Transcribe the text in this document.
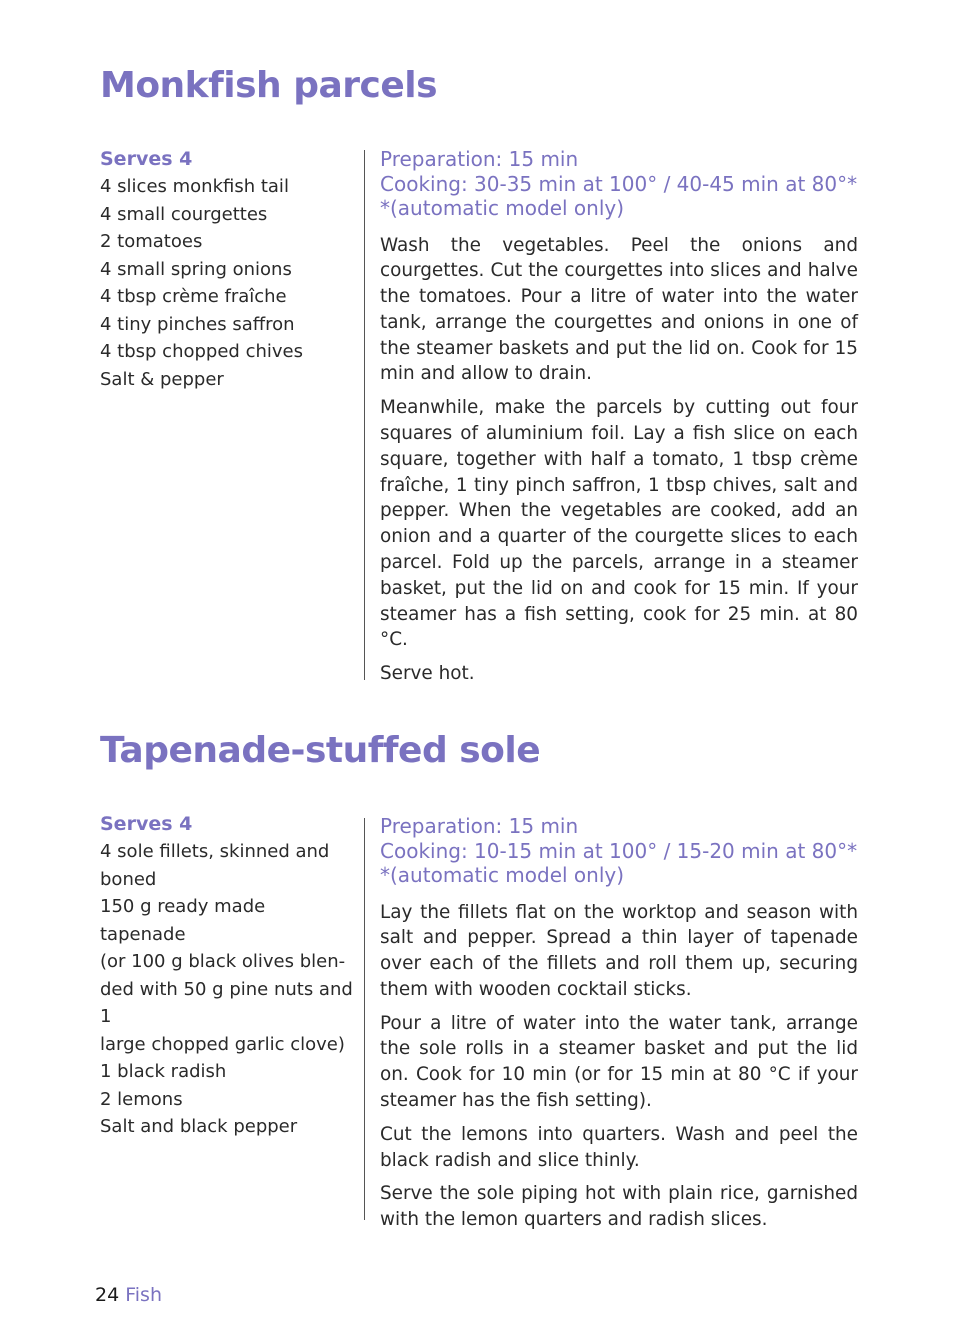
Monkfish parcels
Serves 4
4 slices monkfish tail
4 small courgettes
2 tomatoes
4 small spring onions
4 tbsp crème fraîche
4 tiny pinches saffron
4 tbsp chopped chives
Salt & pepper
Preparation: 15 min
Cooking: 30-35 min at 100° / 40-45 min at 80°*
*(automatic model only)

Wash the vegetables. Peel the onions and courgettes. Cut the courgettes into slices and halve the tomatoes. Pour a litre of water into the water tank, arrange the courgettes and onions in one of the steamer baskets and put the lid on. Cook for 15 min and allow to drain.

Meanwhile, make the parcels by cutting out four squares of aluminium foil. Lay a fish slice on each square, together with half a tomato, 1 tbsp crème fraîche, 1 tiny pinch saffron, 1 tbsp chives, salt and pepper. When the vegetables are cooked, add an onion and a quarter of the courgette slices to each parcel. Fold up the parcels, arrange in a steamer basket, put the lid on and cook for 15 min. If your steamer has a fish setting, cook for 25 min. at 80 °C.

Serve hot.

Tapenade-stuffed sole
Serves 4
4 sole fillets, skinned and
boned
150 g ready made tapenade
(or 100 g black olives blen-
ded with 50 g pine nuts and 1
large chopped garlic clove)
1 black radish
2 lemons
Salt and black pepper
Preparation: 15 min
Cooking: 10-15 min at 100° / 15-20 min at 80°*
*(automatic model only)

Lay the fillets flat on the worktop and season with salt and pepper. Spread a thin layer of tapenade over each of the fillets and roll them up, securing them with wooden cocktail sticks.

Pour a litre of water into the water tank, arrange the sole rolls in a steamer basket and put the lid on. Cook for 10 min (or for 15 min at 80 °C if your steamer has the fish setting).

Cut the lemons into quarters. Wash and peel the black radish and slice thinly.

Serve the sole piping hot with plain rice, garnished with the lemon quarters and radish slices.

24 Fish
